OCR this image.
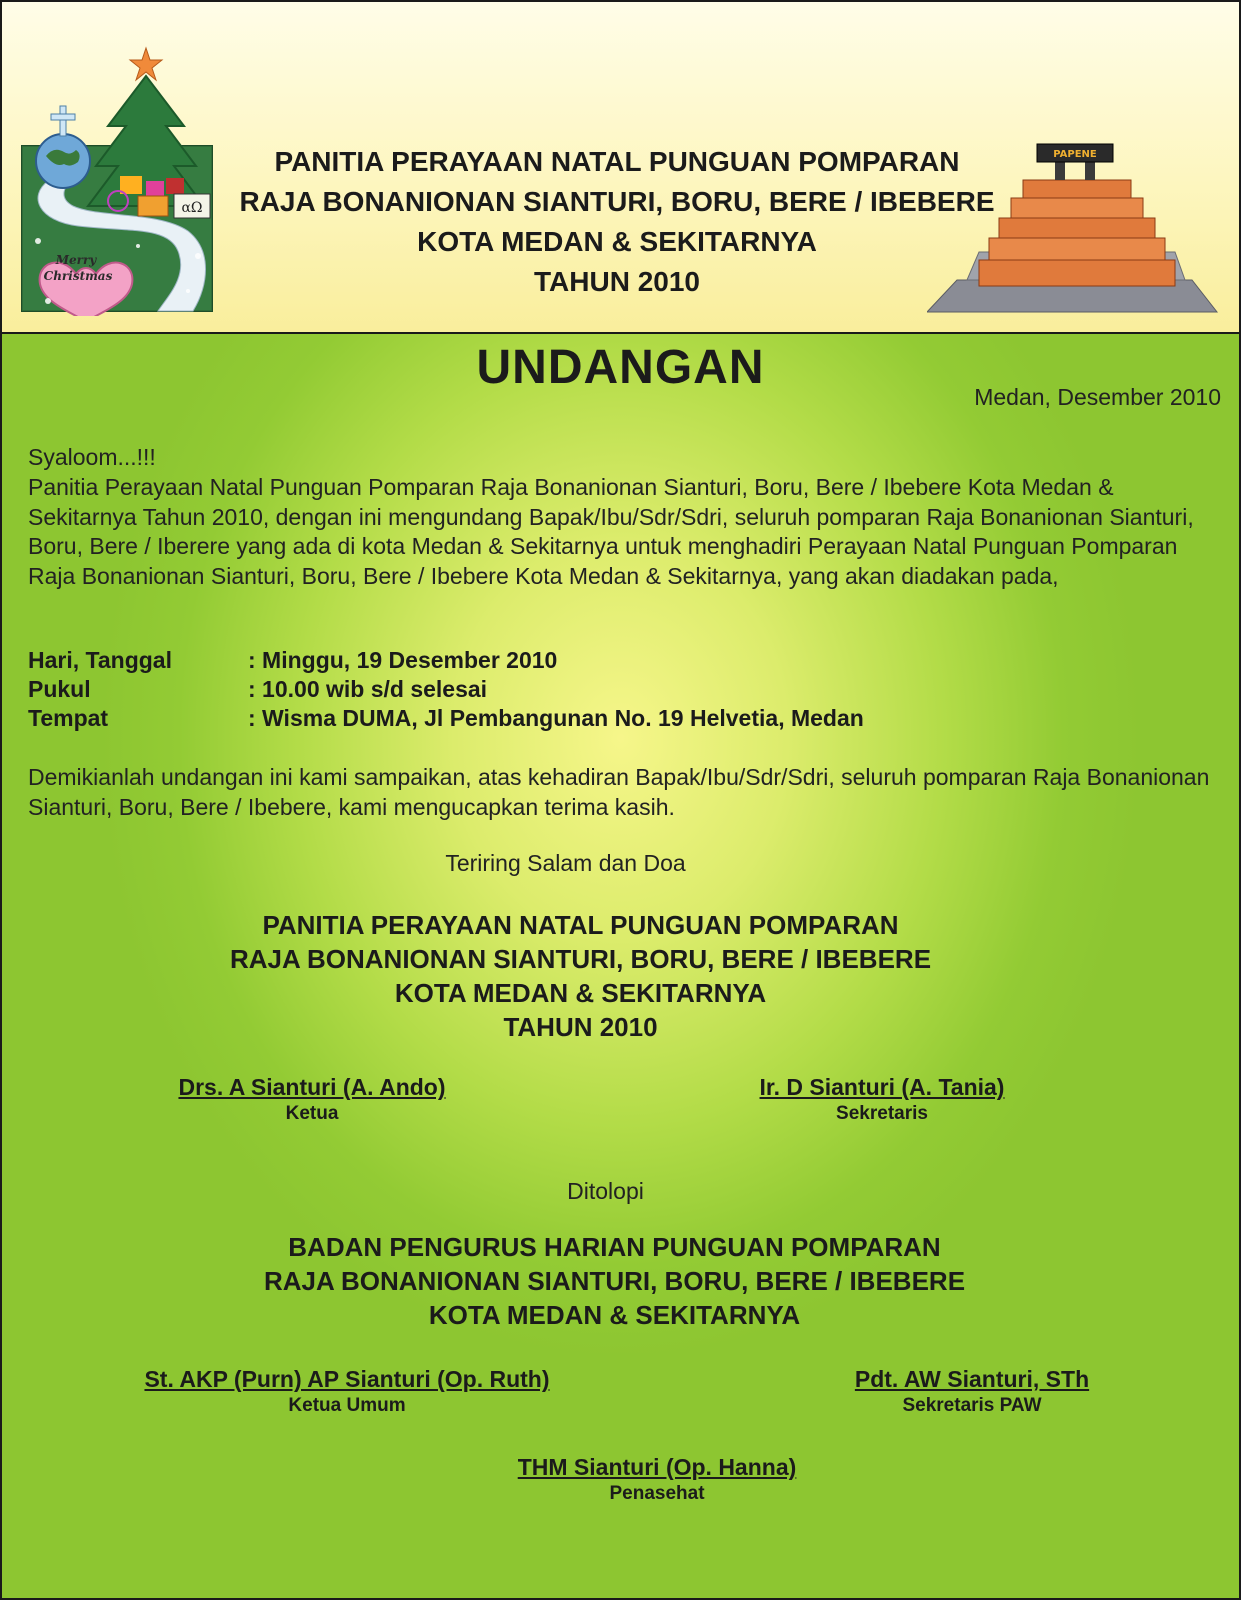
αΩ
Merry
Christmas
PANITIA PERAYAAN NATAL PUNGUAN POMPARAN
RAJA BONANIONAN SIANTURI, BORU, BERE / IBEBERE
KOTA MEDAN & SEKITARNYA
TAHUN 2010
PAPENE
UNDANGAN
Medan, Desember 2010
Syaloom...!!!
Panitia Perayaan Natal Punguan Pomparan Raja Bonanionan Sianturi, Boru, Bere / Ibebere Kota Medan & Sekitarnya Tahun 2010, dengan ini mengundang Bapak/Ibu/Sdr/Sdri, seluruh pomparan Raja Bonanionan Sianturi, Boru, Bere / Iberere yang ada di kota Medan & Sekitarnya untuk menghadiri Perayaan Natal Punguan Pomparan Raja Bonanionan Sianturi, Boru, Bere / Ibebere Kota Medan & Sekitarnya, yang akan diadakan pada,
Hari, Tanggal	: Minggu, 19 Desember 2010
Pukul	: 10.00 wib s/d selesai
Tempat	: Wisma DUMA, Jl Pembangunan No. 19 Helvetia, Medan
Demikianlah undangan ini kami sampaikan, atas kehadiran Bapak/Ibu/Sdr/Sdri, seluruh pomparan Raja Bonanionan Sianturi, Boru, Bere / Ibebere, kami mengucapkan terima kasih.
Teriring Salam dan Doa
PANITIA PERAYAAN NATAL PUNGUAN POMPARAN
RAJA BONANIONAN SIANTURI, BORU, BERE / IBEBERE
KOTA MEDAN & SEKITARNYA
TAHUN 2010
Drs. A Sianturi (A. Ando)
Ketua
Ir. D Sianturi (A. Tania)
Sekretaris
Ditolopi
BADAN PENGURUS HARIAN PUNGUAN POMPARAN
RAJA BONANIONAN SIANTURI, BORU, BERE / IBEBERE
KOTA MEDAN & SEKITARNYA
St. AKP (Purn) AP Sianturi (Op. Ruth)
Ketua Umum
Pdt. AW Sianturi, STh
Sekretaris PAW
THM Sianturi (Op. Hanna)
Penasehat
